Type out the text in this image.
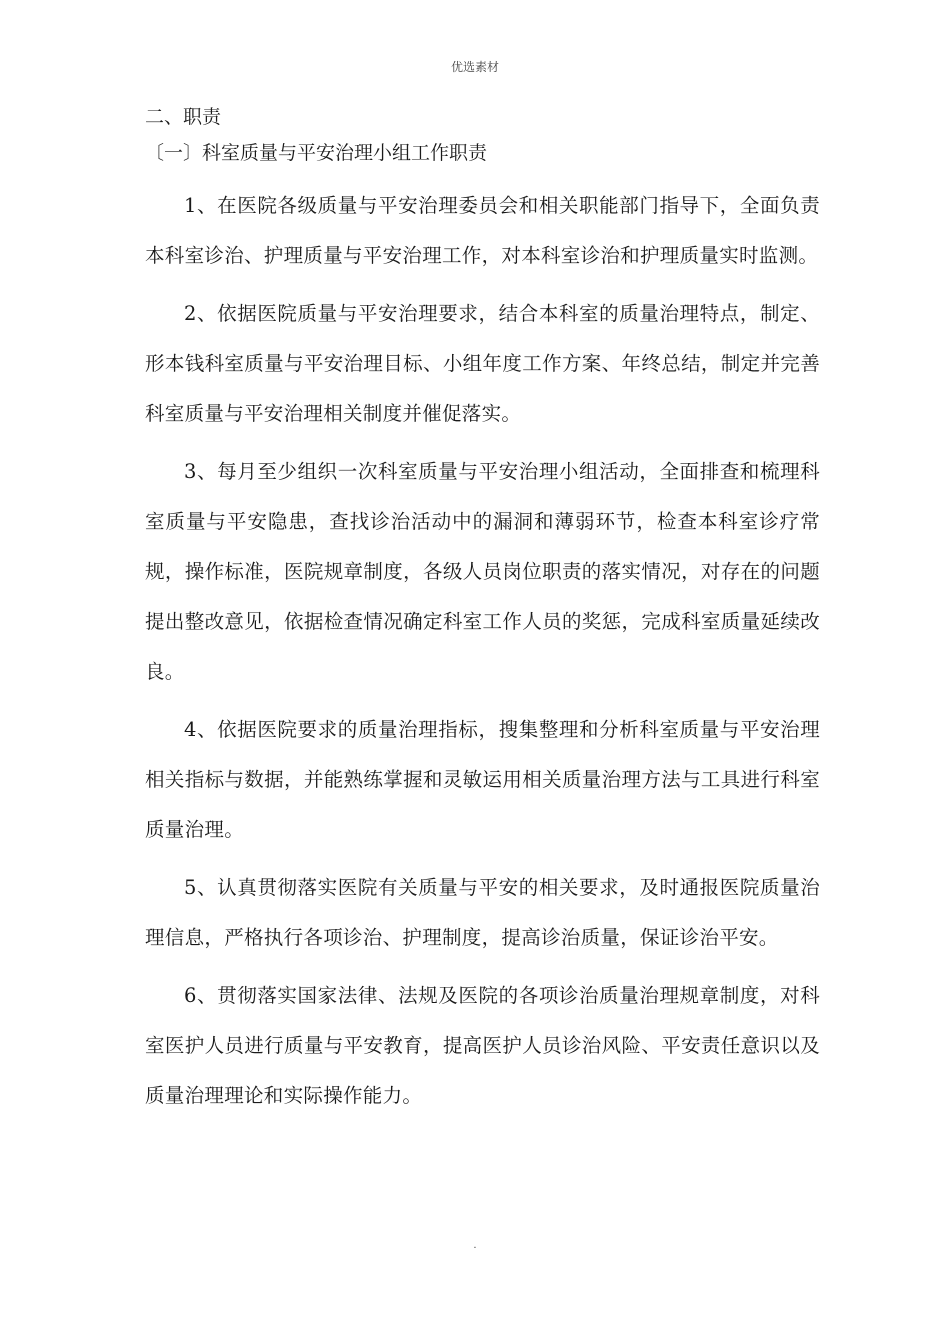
优选素材
二、职责
〔一〕科室质量与平安治理小组工作职责

1、在医院各级质量与平安治理委员会和相关职能部门指导下，全面负责本科室诊治、护理质量与平安治理工作，对本科室诊治和护理质量实时监测。

2、依据医院质量与平安治理要求，结合本科室的质量治理特点，制定、形本钱科室质量与平安治理目标、小组年度工作方案、年终总结，制定并完善科室质量与平安治理相关制度并催促落实。

3、每月至少组织一次科室质量与平安治理小组活动，全面排查和梳理科室质量与平安隐患，查找诊治活动中的漏洞和薄弱环节，检查本科室诊疗常规，操作标准，医院规章制度，各级人员岗位职责的落实情况，对存在的问题提出整改意见，依据检查情况确定科室工作人员的奖惩，完成科室质量延续改良。

4、依据医院要求的质量治理指标，搜集整理和分析科室质量与平安治理相关指标与数据，并能熟练掌握和灵敏运用相关质量治理方法与工具进行科室质量治理。

5、认真贯彻落实医院有关质量与平安的相关要求，及时通报医院质量治理信息，严格执行各项诊治、护理制度，提高诊治质量，保证诊治平安。

6、贯彻落实国家法律、法规及医院的各项诊治质量治理规章制度，对科室医护人员进行质量与平安教育，提高医护人员诊治风险、平安责任意识以及质量治理理论和实际操作能力。

.
